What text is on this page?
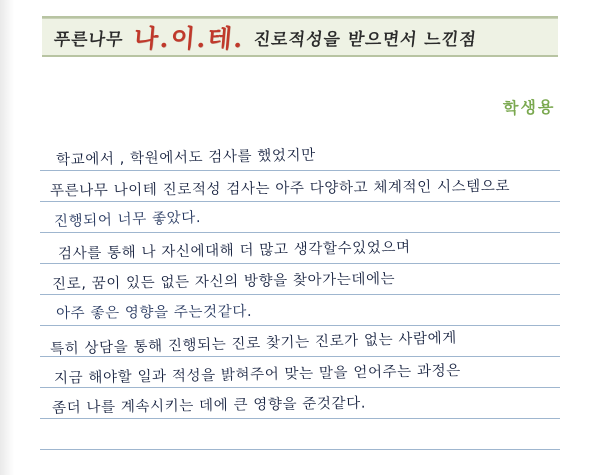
푸른나무 나.이.테. 진로적성을 받으면서 느낀점
학생용
학교에서 , 학원에서도 검사를 했었지만
푸른나무 나이테 진로적성 검사는 아주 다양하고 체계적인 시스템으로
진행되어 너무 좋았다.
검사를 통해 나 자신에대해 더 많고 생각할수있었으며
진로, 꿈이 있든 없든 자신의 방향을 찾아가는데에는
아주 좋은 영향을 주는것같다.
특히 상담을 통해 진행되는 진로 찾기는 진로가 없는 사람에게
지금 해야할 일과 적성을 밝혀주어 맞는 말을 얻어주는 과정은
좀더 나를 계속시키는 데에 큰 영향을 준것같다.
